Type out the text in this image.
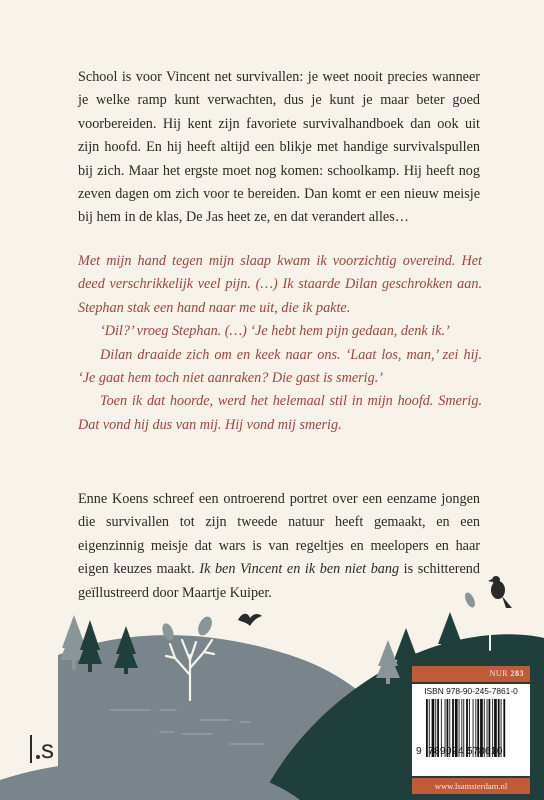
School is voor Vincent net survivallen: je weet nooit precies wanneer je welke ramp kunt verwachten, dus je kunt je maar beter goed voorbereiden. Hij kent zijn favoriete survivalhandboek dan ook uit zijn hoofd. En hij heeft altijd een blikje met handige survivalspullen bij zich. Maar het ergste moet nog komen: schoolkamp. Hij heeft nog zeven dagen om zich voor te bereiden. Dan komt er een nieuw meisje bij hem in de klas, De Jas heet ze, en dat verandert alles…

Met mijn hand tegen mijn slaap kwam ik voorzichtig overeind. Het deed verschrikkelijk veel pijn. (…) Ik staarde Dilan geschrokken aan. Stephan stak een hand naar me uit, die ik pakte.

‘Dil?’ vroeg Stephan. (…) ‘Je hebt hem pijn gedaan, denk ik.’

Dilan draaide zich om en keek naar ons. ‘Laat los, man,’ zei hij. ‘Je gaat hem toch niet aanraken? Die gast is smerig.’

Toen ik dat hoorde, werd het helemaal stil in mijn hoofd. Smerig. Dat vond hij dus van mij. Hij vond mij smerig.

Enne Koens schreef een ontroerend portret over een eenzame jongen die survivallen tot zijn tweede natuur heeft gemaakt, en een eigenzinnig meisje dat wars is van regeltjes en meelopers en haar eigen keuzes maakt. Ik ben Vincent en ik ben niet bang is schitterend geïllustreerd door Maartje Kuiper.

s
NUR 283
ISBN 978-90-245-7861-0
9 789024 578610
www.lsamsterdam.nl
